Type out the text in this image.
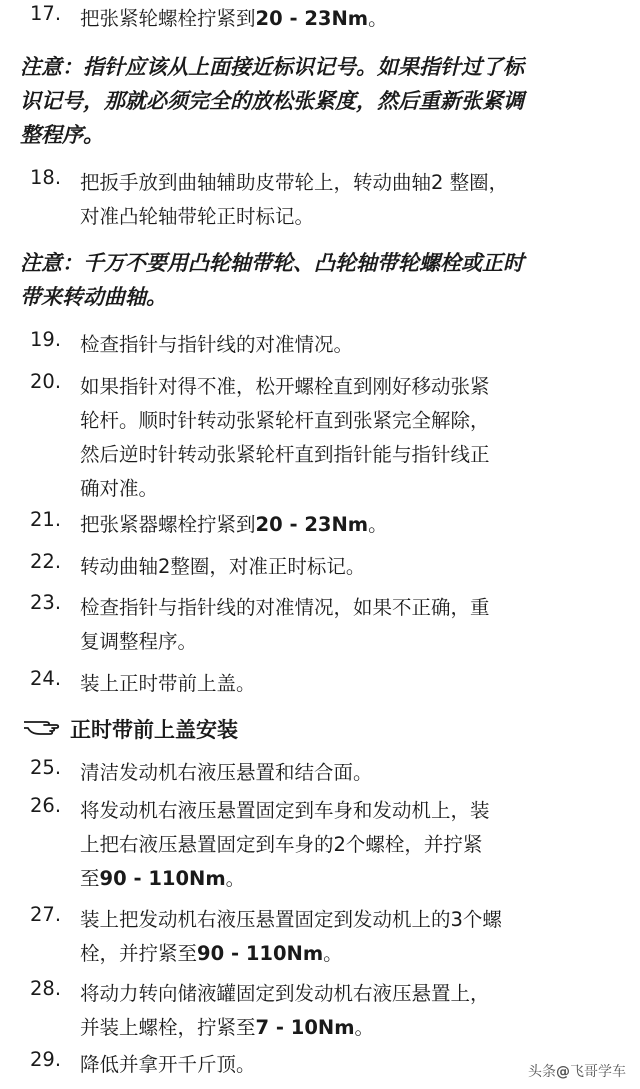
17. 把张紧轮螺栓拧紧到20 - 23Nm。
注意：指针应该从上面接近标识记号。如果指针过了标
识记号，那就必须完全的放松张紧度，然后重新张紧调
整程序。
18. 把扳手放到曲轴辅助皮带轮上，转动曲轴2 整圈，
对准凸轮轴带轮正时标记。
注意：千万不要用凸轮轴带轮、凸轮轴带轮螺栓或正时
带来转动曲轴。
19. 检查指针与指针线的对准情况。
20. 如果指针对得不准，松开螺栓直到刚好移动张紧
轮杆。顺时针转动张紧轮杆直到张紧完全解除，
然后逆时针转动张紧轮杆直到指针能与指针线正
确对准。
21. 把张紧器螺栓拧紧到20 - 23Nm。
22. 转动曲轴2整圈，对准正时标记。
23. 检查指针与指针线的对准情况，如果不正确，重
复调整程序。
24. 装上正时带前上盖。
正时带前上盖安装
25. 清洁发动机右液压悬置和结合面。
26. 将发动机右液压悬置固定到车身和发动机上，装
上把右液压悬置固定到车身的2个螺栓，并拧紧
至90 - 110Nm。
27. 装上把发动机右液压悬置固定到发动机上的3个螺
栓，并拧紧至90 - 110Nm。
28. 将动力转向储液罐固定到发动机右液压悬置上，
并装上螺栓，拧紧至7 - 10Nm。
29. 降低并拿开千斤顶。	头条@飞哥学车
